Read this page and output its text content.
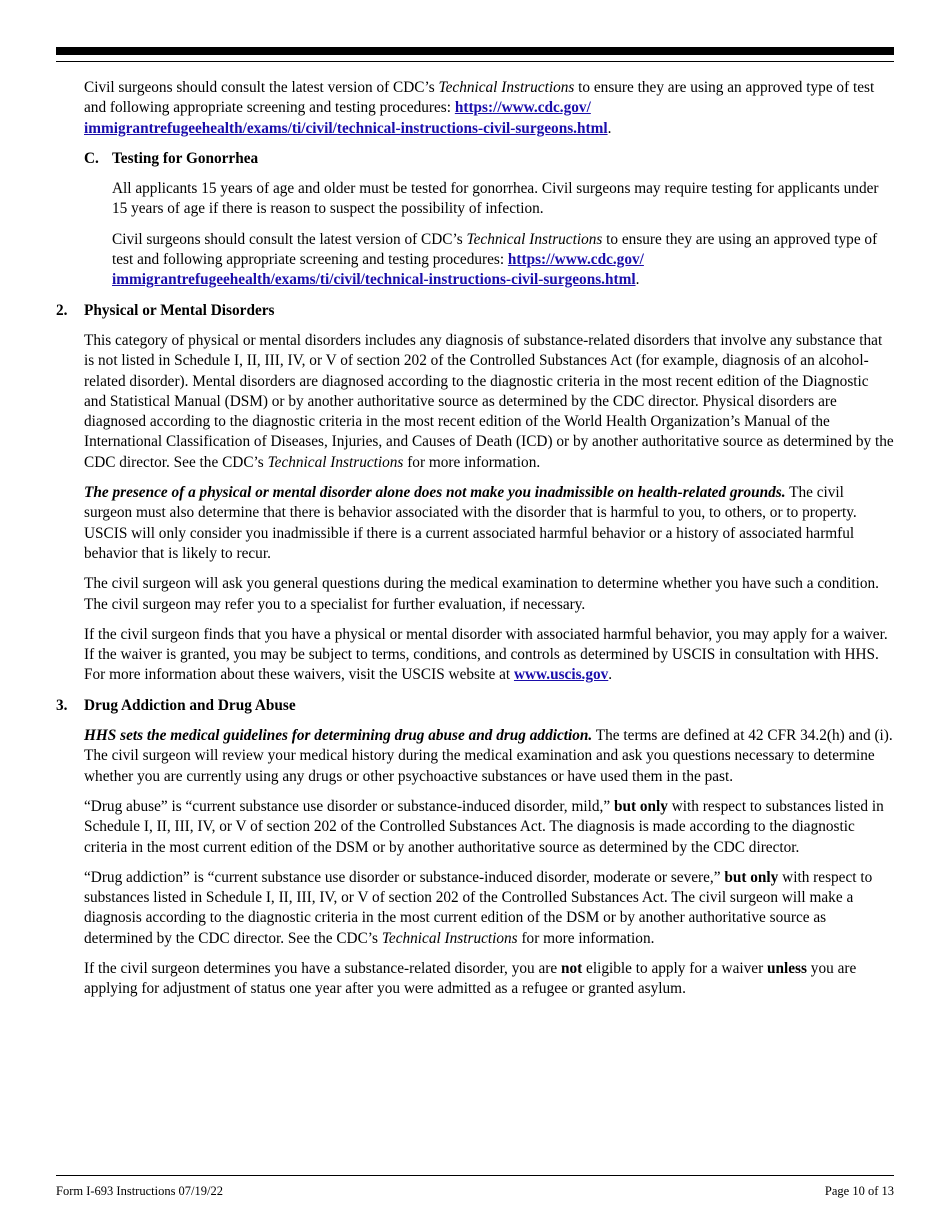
Civil surgeons should consult the latest version of CDC’s Technical Instructions to ensure they are using an approved type of test and following appropriate screening and testing procedures: https://www.cdc.gov/
immigrantrefugeehealth/exams/ti/civil/technical-instructions-civil-surgeons.html.

C. Testing for Gonorrhea

All applicants 15 years of age and older must be tested for gonorrhea. Civil surgeons may require testing for applicants under 15 years of age if there is reason to suspect the possibility of infection.

Civil surgeons should consult the latest version of CDC’s Technical Instructions to ensure they are using an approved type of test and following appropriate screening and testing procedures: https://www.cdc.gov/
immigrantrefugeehealth/exams/ti/civil/technical-instructions-civil-surgeons.html.

2.	Physical or Mental Disorders

This category of physical or mental disorders includes any diagnosis of substance-related disorders that involve any substance that is not listed in Schedule I, II, III, IV, or V of section 202 of the Controlled Substances Act (for example, diagnosis of an alcohol-related disorder). Mental disorders are diagnosed according to the diagnostic criteria in the most recent edition of the Diagnostic and Statistical Manual (DSM) or by another authoritative source as determined by the CDC director. Physical disorders are diagnosed according to the diagnostic criteria in the most recent edition of the World Health Organization’s Manual of the International Classification of Diseases, Injuries, and Causes of Death (ICD) or by another authoritative source as determined by the CDC director. See the CDC’s Technical Instructions for more information.

The presence of a physical or mental disorder alone does not make you inadmissible on health-related grounds. The civil surgeon must also determine that there is behavior associated with the disorder that is harmful to you, to others, or to property. USCIS will only consider you inadmissible if there is a current associated harmful behavior or a history of associated harmful behavior that is likely to recur.

The civil surgeon will ask you general questions during the medical examination to determine whether you have such a condition. The civil surgeon may refer you to a specialist for further evaluation, if necessary.

If the civil surgeon finds that you have a physical or mental disorder with associated harmful behavior, you may apply for a waiver. If the waiver is granted, you may be subject to terms, conditions, and controls as determined by USCIS in consultation with HHS. For more information about these waivers, visit the USCIS website at www.uscis.gov.

3.	Drug Addiction and Drug Abuse

HHS sets the medical guidelines for determining drug abuse and drug addiction. The terms are defined at 42 CFR 34.2(h) and (i). The civil surgeon will review your medical history during the medical examination and ask you questions necessary to determine whether you are currently using any drugs or other psychoactive substances or have used them in the past.

“Drug abuse” is “current substance use disorder or substance-induced disorder, mild,” but only with respect to substances listed in Schedule I, II, III, IV, or V of section 202 of the Controlled Substances Act. The diagnosis is made according to the diagnostic criteria in the most current edition of the DSM or by another authoritative source as determined by the CDC director.

“Drug addiction” is “current substance use disorder or substance-induced disorder, moderate or severe,” but only with respect to substances listed in Schedule I, II, III, IV, or V of section 202 of the Controlled Substances Act. The civil surgeon will make a diagnosis according to the diagnostic criteria in the most current edition of the DSM or by another authoritative source as determined by the CDC director. See the CDC’s Technical Instructions for more information.

If the civil surgeon determines you have a substance-related disorder, you are not eligible to apply for a waiver unless you are applying for adjustment of status one year after you were admitted as a refugee or granted asylum.

Form I-693 Instructions 07/19/22	Page 10 of 13
